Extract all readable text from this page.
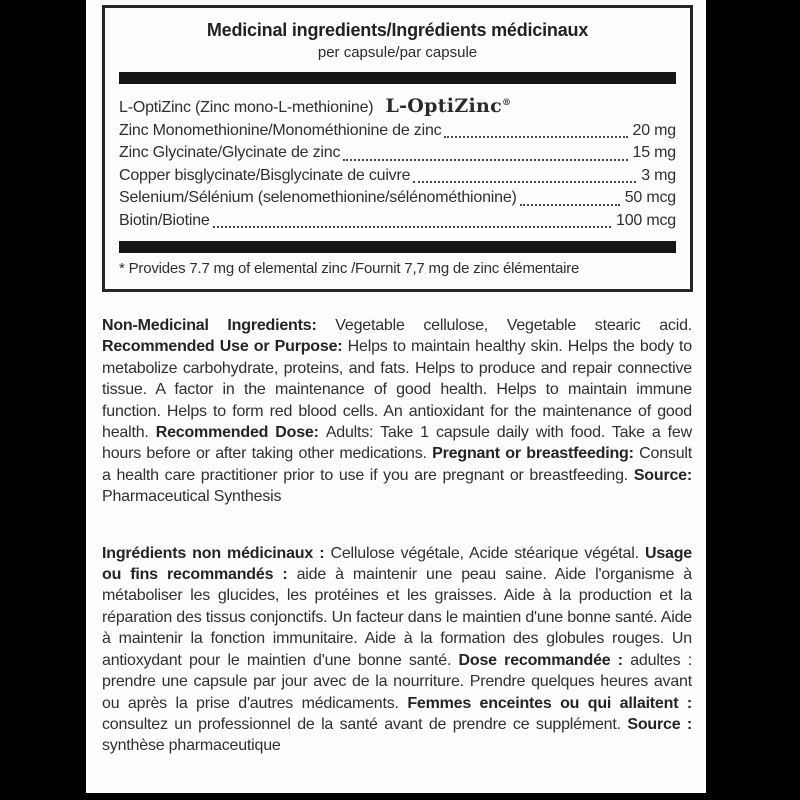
Medicinal ingredients/Ingrédients médicinaux
per capsule/par capsule
L-OptiZinc (Zinc mono-L-methionine) L-OptiZinc®
Zinc Monomethionine/Monométhionine de zinc	20 mg
Zinc Glycinate/Glycinate de zinc	15 mg
Copper bisglycinate/Bisglycinate de cuivre	3 mg
Selenium/Sélénium (selenomethionine/sélénométhionine)	50 mcg
Biotin/Biotine	100 mcg
* Provides 7.7 mg of elemental zinc /Fournit 7,7 mg de zinc élémentaire

Non-Medicinal Ingredients: Vegetable cellulose, Vegetable stearic acid. Recommended Use or Purpose: Helps to maintain healthy skin. Helps the body to metabolize carbohydrate, proteins, and fats. Helps to produce and repair connective tissue. A factor in the maintenance of good health. Helps to maintain immune function. Helps to form red blood cells. An antioxidant for the maintenance of good health. Recommended Dose: Adults: Take 1 capsule daily with food. Take a few hours before or after taking other medications. Pregnant or breastfeeding: Consult a health care practitioner prior to use if you are pregnant or breastfeeding. Source: Pharmaceutical Synthesis

Ingrédients non médicinaux : Cellulose végétale, Acide stéarique végétal. Usage ou fins recommandés : aide à maintenir une peau saine. Aide l'organisme à métaboliser les glucides, les protéines et les graisses. Aide à la production et la réparation des tissus conjonctifs. Un facteur dans le maintien d'une bonne santé. Aide à maintenir la fonction immunitaire. Aide à la formation des globules rouges. Un antioxydant pour le maintien d'une bonne santé. Dose recommandée : adultes : prendre une capsule par jour avec de la nourriture. Prendre quelques heures avant ou après la prise d'autres médicaments. Femmes enceintes ou qui allaitent : consultez un professionnel de la santé avant de prendre ce supplément. Source : synthèse pharmaceutique
